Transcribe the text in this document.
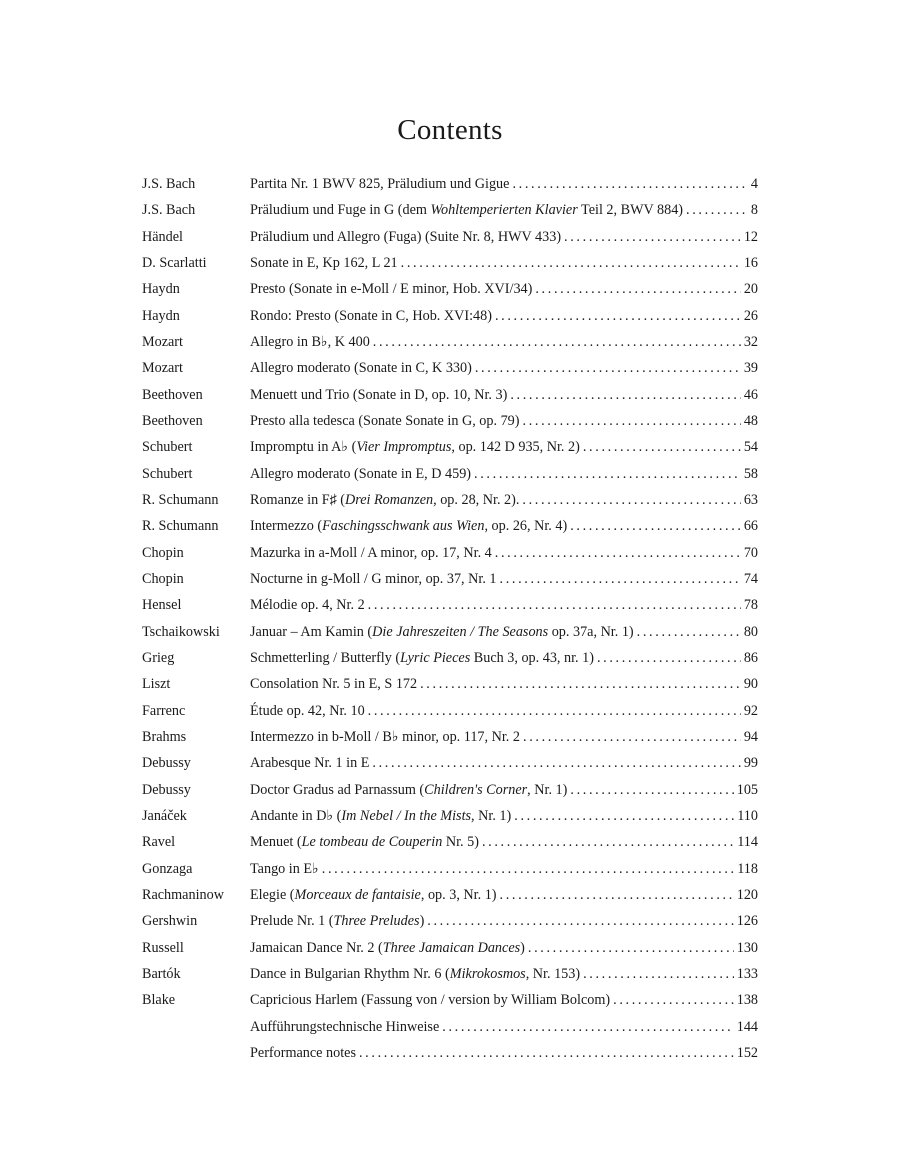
Contents
J.S. Bach	Partita Nr. 1 BWV 825, Präludium und Gigue . . .	4
J.S. Bach	Präludium und Fuge in G (dem Wohltemperierten Klavier Teil 2, BWV 884) . . .	8
Händel	Präludium und Allegro (Fuga) (Suite Nr. 8, HWV 433) . . .	12
D. Scarlatti	Sonate in E, Kp 162, L 21 . . .	16
Haydn	Presto (Sonate in e-Moll / E minor, Hob. XVI/34) . . .	20
Haydn	Rondo: Presto (Sonate in C, Hob. XVI:48) . . .	26
Mozart	Allegro in B♭, K 400 . . .	32
Mozart	Allegro moderato (Sonate in C, K 330) . . .	39
Beethoven	Menuett und Trio (Sonate in D, op. 10, Nr. 3) . . .	46
Beethoven	Presto alla tedesca (Sonate Sonate in G, op. 79) . . .	48
Schubert	Impromptu in A♭ (Vier Impromptus, op. 142 D 935, Nr. 2) . . .	54
Schubert	Allegro moderato (Sonate in E, D 459) . . .	58
R. Schumann	Romanze in F♯ (Drei Romanzen, op. 28, Nr. 2). . . .	63
R. Schumann	Intermezzo (Faschingsschwank aus Wien, op. 26, Nr. 4) . . .	66
Chopin	Mazurka in a-Moll / A minor, op. 17, Nr. 4 . . .	70
Chopin	Nocturne in g-Moll / G minor, op. 37, Nr. 1 . . .	74
Hensel	Mélodie op. 4, Nr. 2 . . .	78
Tschaikowski	Januar – Am Kamin (Die Jahreszeiten / The Seasons op. 37a, Nr. 1) . . .	80
Grieg	Schmetterling / Butterfly (Lyric Pieces Buch 3, op. 43, nr. 1) . . .	86
Liszt	Consolation Nr. 5 in E, S 172 . . .	90
Farrenc	Étude op. 42, Nr. 10 . . .	92
Brahms	Intermezzo in b-Moll / B♭ minor, op. 117, Nr. 2 . . .	94
Debussy	Arabesque Nr. 1 in E . . .	99
Debussy	Doctor Gradus ad Parnassum (Children's Corner, Nr. 1) . . .	105
Janáček	Andante in D♭ (Im Nebel / In the Mists, Nr. 1) . . .	110
Ravel	Menuet (Le tombeau de Couperin Nr. 5) . . .	114
Gonzaga	Tango in E♭ . . .	118
Rachmaninow	Elegie (Morceaux de fantaisie, op. 3, Nr. 1) . . .	120
Gershwin	Prelude Nr. 1 (Three Preludes) . . .	126
Russell	Jamaican Dance Nr. 2 (Three Jamaican Dances) . . .	130
Bartók	Dance in Bulgarian Rhythm Nr. 6 (Mikrokosmos, Nr. 153) . . .	133
Blake	Capricious Harlem (Fassung von / version by William Bolcom) . . .	138
Aufführungstechnische Hinweise . . .	144
Performance notes . . .	152
